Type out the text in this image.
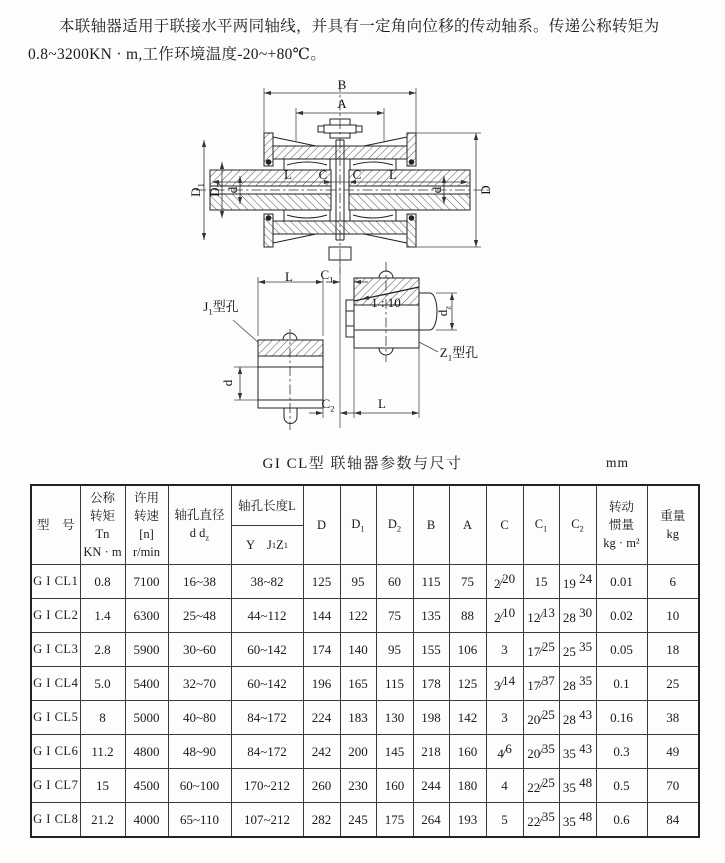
本联轴器适用于联接水平两同轴线，并具有一定角向位移的传动轴系。传递公称转矩为0.8~3200KN · m,工作环境温度-20~+80℃。

B
A
L	C C	L
$D_1$
$D_2$
d	d	D
L	$C_1$
$J_1$型孔	1 : 10
$d_z$
$Z_1$型孔
d
$C_2$	L
GI CL型 联轴器参数与尺寸	mm
型　号	公称
转矩
Tn
KN · m	许用
转速
[n]
r/min	轴孔直径
d $d_z$	
轴孔长度L
Y　J 1 Z 1
	D	$D_1$	$D_2$	B	A	C	$C_1$	$C_2$	转动
惯量
kg · m²	重量
kg
G I CL1	0.8	7100	16~38	38~82	125	95	60	115	75	2/20	15	19 24	0.01	6
G I CL2	1.4	6300	25~48	44~112	144	122	75	135	88	2/10	12/13	28 30	0.02	10
G I CL3	2.8	5900	30~60	60~142	174	140	95	155	106	3	17/25	25 35	0.05	18
G I CL4	5.0	5400	32~70	60~142	196	165	115	178	125	3/14	17/37	28 35	0.1	25
G I CL5	8	5000	40~80	84~172	224	183	130	198	142	3	20/25	28 43	0.16	38
G I CL6	11.2	4800	48~90	84~172	242	200	145	218	160	4/6	20/35	35 43	0.3	49
G I CL7	15	4500	60~100	170~212	260	230	160	244	180	4	22/25	35 48	0.5	70
G I CL8	21.2	4000	65~110	107~212	282	245	175	264	193	5	22/35	35 48	0.6	84
